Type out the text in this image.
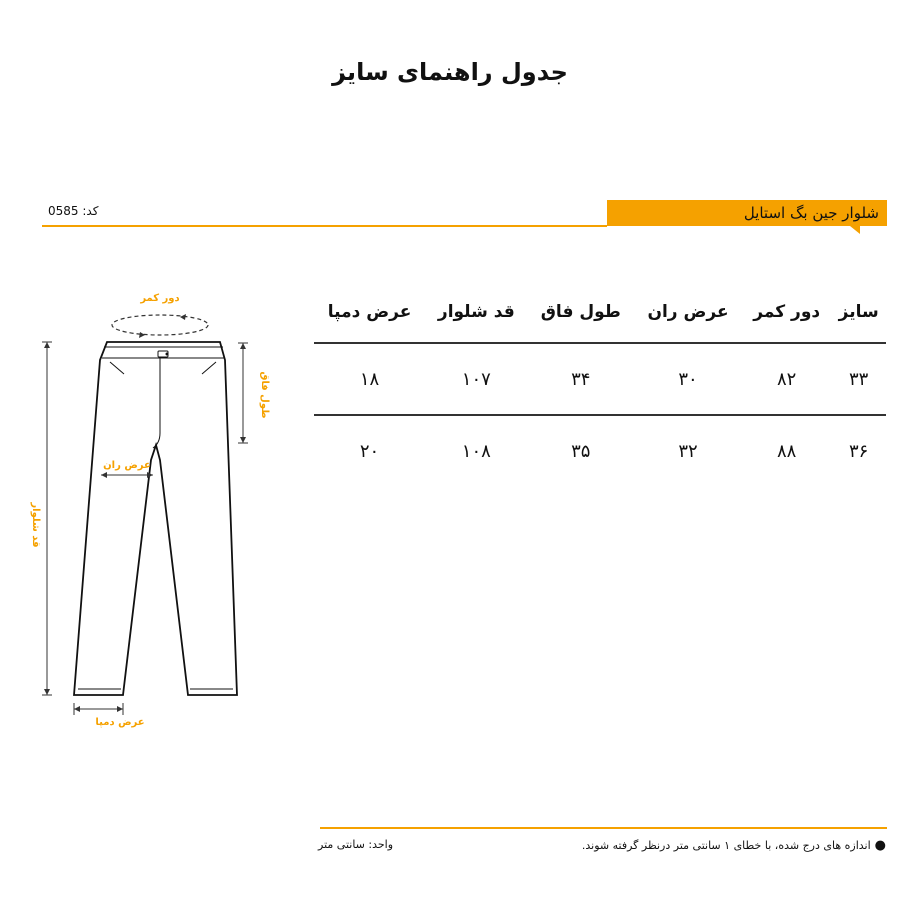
جدول راهنمای سایز
شلوار جین بگ استایل
کد: 0585
دور کمر
طول فاق
عرض ران
قد شلوار
عرض دمپا
سایز	دور کمر	عرض ران	طول فاق	قد شلوار	عرض دمپا
۳۳	۸۲	۳۰	۳۴	۱۰۷	۱۸
۳۶	۸۸	۳۲	۳۵	۱۰۸	۲۰
●اندازه های درج شده، با خطای ۱ سانتی متر درنظر گرفته شوند.
واحد: سانتی متر
